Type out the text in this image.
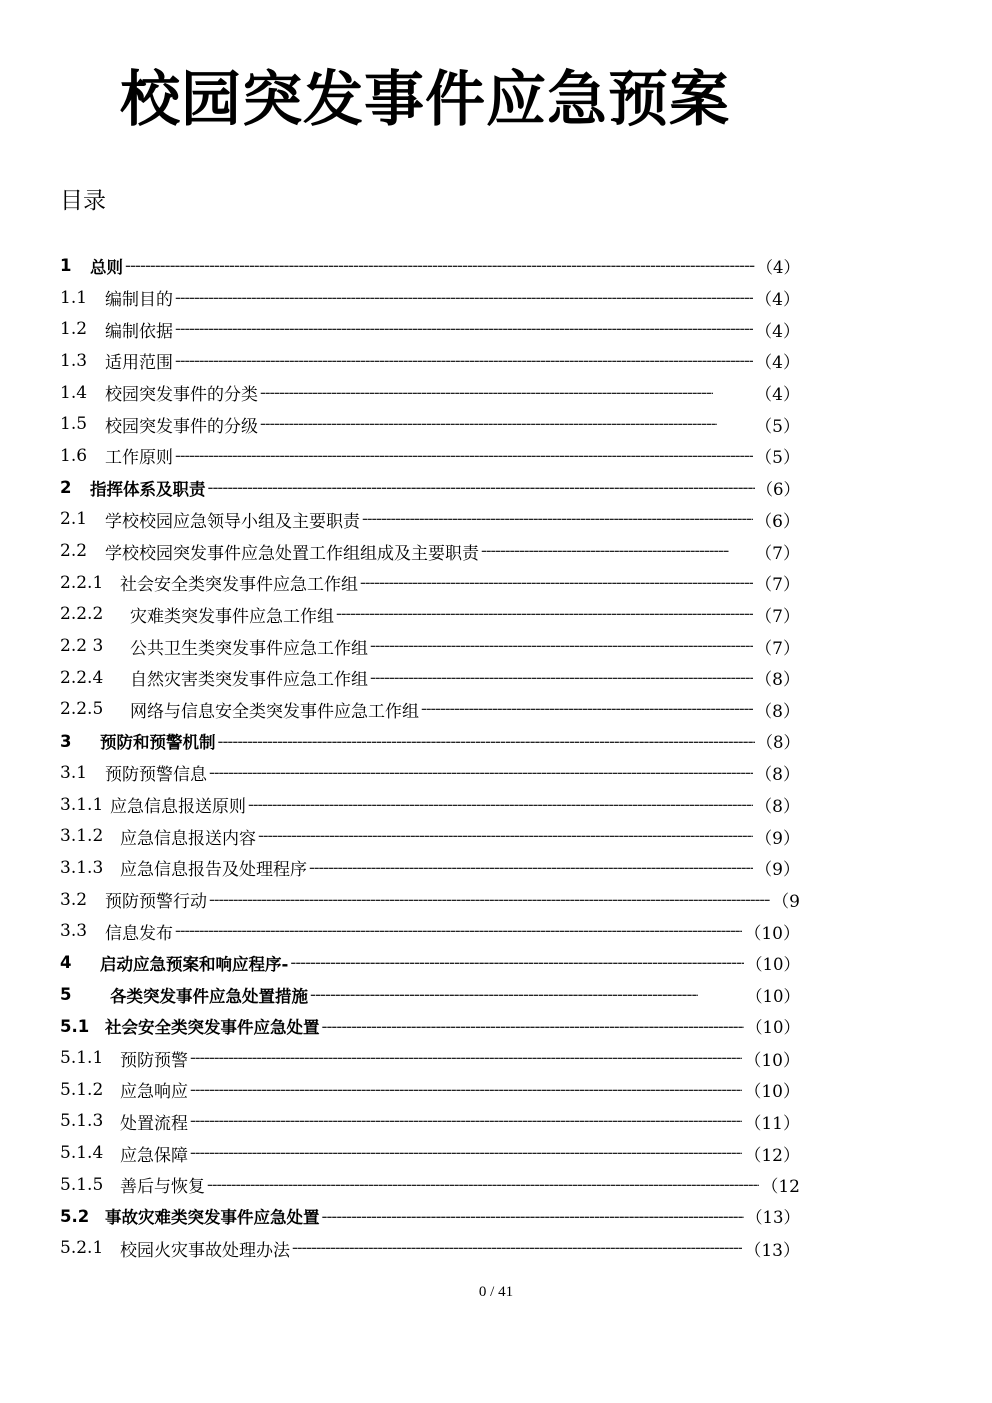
校园突发事件应急预案
目录
1	总则 -----	（4）
1.1	编制目的 -----	（4）
1.2	编制依据 -----	（4）
1.3	适用范围 -----	（4）
1.4	校园突发事件的分类 -----	（4）
1.5	校园突发事件的分级 -----	（5）
1.6	工作原则 -----	（5）
2	指挥体系及职责 -----	（6）
2.1	学校校园应急领导小组及主要职责 -----	（6）
2.2	学校校园突发事件应急处置工作组组成及主要职责 -----	（7）
2.2.1 社会安全类突发事件应急工作组 -----	（7）
2.2.2	灾难类突发事件应急工作组 -----	（7）
2.2 3	公共卫生类突发事件应急工作组 -----	（7）
2.2.4	自然灾害类突发事件应急工作组 -----	（8）
2.2.5	网络与信息安全类突发事件应急工作组 -----	（8）
3	预防和预警机制 -----	（8）
3.1	预防预警信息 -----	（8）
3.1.1 应急信息报送原则 -----	（8）
3.1.2 应急信息报送内容 -----	（9）
3.1.3 应急信息报告及处理程序 -----	（9）
3.2	预防预警行动 -----	（9
3.3	信息发布 -----	（10）
4	启动应急预案和响应程序- -----	（10）
5	各类突发事件应急处置措施 -----	（10）
5.1 社会安全类突发事件应急处置 -----	（10）
5.1.1 预防预警 -----	（10）
5.1.2 应急响应 -----	（10）
5.1.3 处置流程 -----	（11）
5.1.4 应急保障 -----	（12）
5.1.5 善后与恢复 -----	（12
5.2 事故灾难类突发事件应急处置 -----	（13）
5.2.1 校园火灾事故处理办法 -----	（13）
0 / 41
